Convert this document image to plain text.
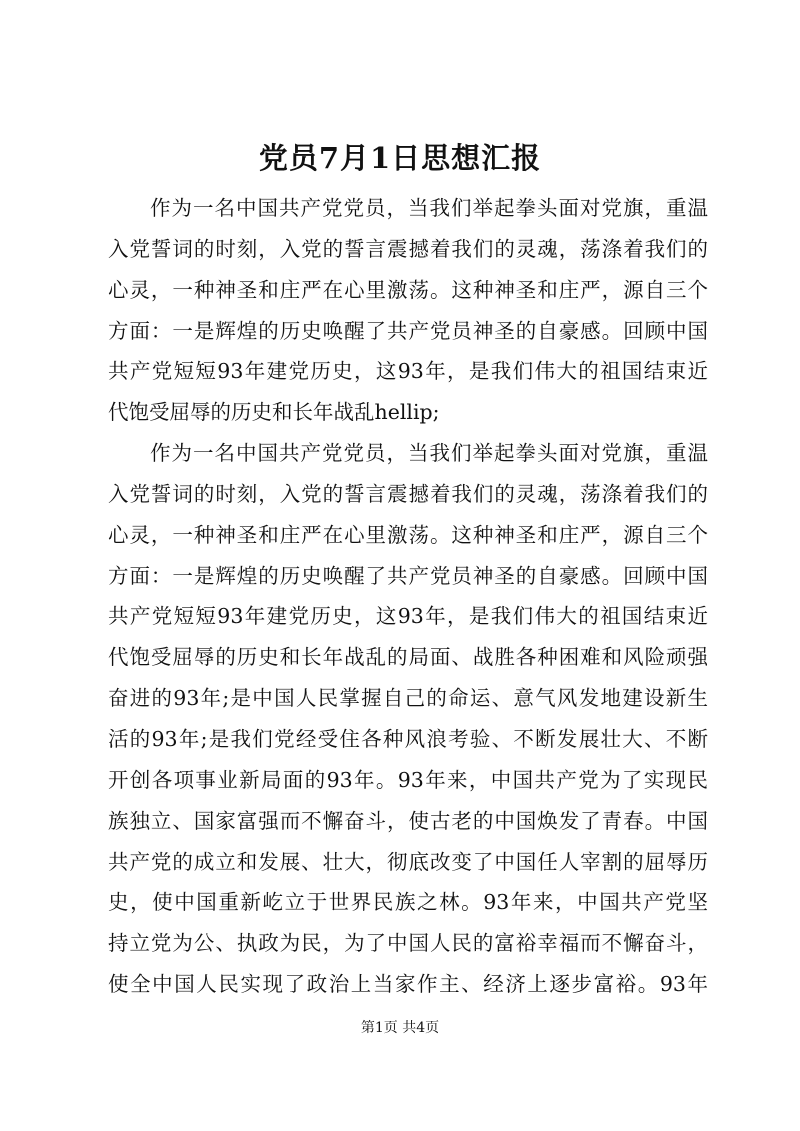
党员7月1日思想汇报
作为一名中国共产党党员，当我们举起拳头面对党旗，重温
入党誓词的时刻，入党的誓言震撼着我们的灵魂，荡涤着我们的
心灵，一种神圣和庄严在心里激荡。这种神圣和庄严，源自三个
方面：一是辉煌的历史唤醒了共产党员神圣的自豪感。回顾中国
共产党短短93年建党历史，这93年，是我们伟大的祖国结束近
代饱受屈辱的历史和长年战乱hellip;
作为一名中国共产党党员，当我们举起拳头面对党旗，重温
入党誓词的时刻，入党的誓言震撼着我们的灵魂，荡涤着我们的
心灵，一种神圣和庄严在心里激荡。这种神圣和庄严，源自三个
方面：一是辉煌的历史唤醒了共产党员神圣的自豪感。回顾中国
共产党短短93年建党历史，这93年，是我们伟大的祖国结束近
代饱受屈辱的历史和长年战乱的局面、战胜各种困难和风险顽强
奋进的93年;是中国人民掌握自己的命运、意气风发地建设新生
活的93年;是我们党经受住各种风浪考验、不断发展壮大、不断
开创各项事业新局面的93年。93年来，中国共产党为了实现民
族独立、国家富强而不懈奋斗，使古老的中国焕发了青春。中国
共产党的成立和发展、壮大，彻底改变了中国任人宰割的屈辱历
史，使中国重新屹立于世界民族之林。93年来，中国共产党坚
持立党为公、执政为民，为了中国人民的富裕幸福而不懈奋斗，
使全中国人民实现了政治上当家作主、经济上逐步富裕。93年
第1页 共4页
